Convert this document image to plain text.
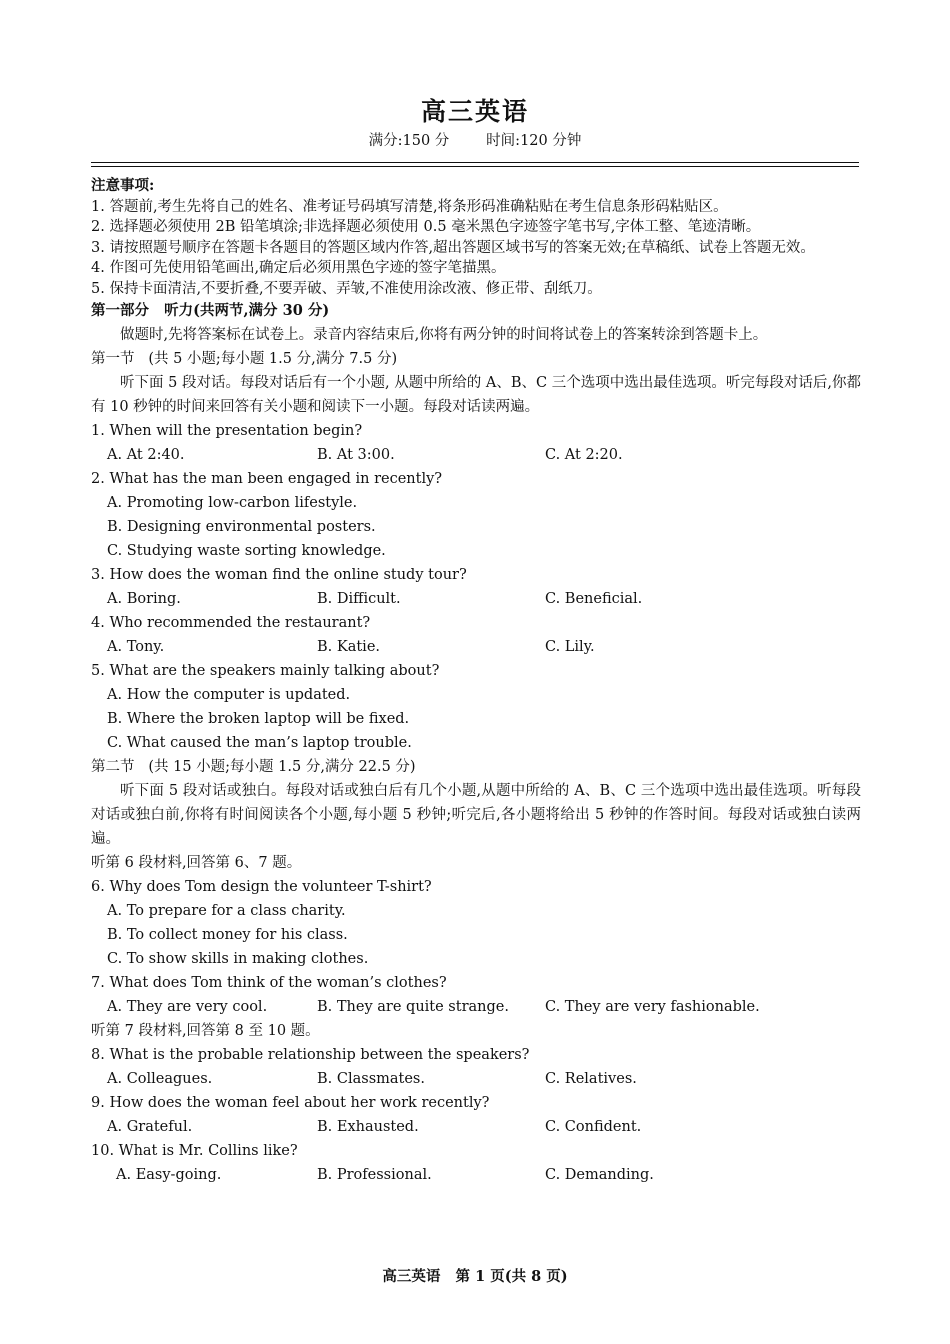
高三英语
满分:150 分        时间:120 分钟
注意事项:
1. 答题前,考生先将自己的姓名、准考证号码填写清楚,将条形码准确粘贴在考生信息条形码粘贴区。
2. 选择题必须使用 2B 铅笔填涂;非选择题必须使用 0.5 毫米黑色字迹签字笔书写,字体工整、笔迹清晰。
3. 请按照题号顺序在答题卡各题目的答题区域内作答,超出答题区域书写的答案无效;在草稿纸、试卷上答题无效。
4. 作图可先使用铅笔画出,确定后必须用黑色字迹的签字笔描黑。
5. 保持卡面清洁,不要折叠,不要弄破、弄皱,不准使用涂改液、修正带、刮纸刀。
第一部分   听力(共两节,满分 30 分)
做题时,先将答案标在试卷上。录音内容结束后,你将有两分钟的时间将试卷上的答案转涂到答题卡上。
第一节   (共 5 小题;每小题 1.5 分,满分 7.5 分)
听下面 5 段对话。每段对话后有一个小题, 从题中所给的 A、B、C 三个选项中选出最佳选项。听完每段对话后,你都有 10 秒钟的时间来回答有关小题和阅读下一小题。每段对话读两遍。
1. When will the presentation begin?
A. At 2:40.	B. At 3:00.	C. At 2:20.
2. What has the man been engaged in recently?
A. Promoting low-carbon lifestyle.
B. Designing environmental posters.
C. Studying waste sorting knowledge.
3. How does the woman find the online study tour?
A. Boring.	B. Difficult.	C. Beneficial.
4. Who recommended the restaurant?
A. Tony.	B. Katie.	C. Lily.
5. What are the speakers mainly talking about?
A. How the computer is updated.
B. Where the broken laptop will be fixed.
C. What caused the man’s laptop trouble.
第二节   (共 15 小题;每小题 1.5 分,满分 22.5 分)
听下面 5 段对话或独白。每段对话或独白后有几个小题,从题中所给的 A、B、C 三个选项中选出最佳选项。听每段对话或独白前,你将有时间阅读各个小题,每小题 5 秒钟;听完后,各小题将给出 5 秒钟的作答时间。每段对话或独白读两遍。
听第 6 段材料,回答第 6、7 题。
6. Why does Tom design the volunteer T-shirt?
A. To prepare for a class charity.
B. To collect money for his class.
C. To show skills in making clothes.
7. What does Tom think of the woman’s clothes?
A. They are very cool.	B. They are quite strange. C. They are very fashionable.
听第 7 段材料,回答第 8 至 10 题。
8. What is the probable relationship between the speakers?
A. Colleagues.	B. Classmates.	C. Relatives.
9. How does the woman feel about her work recently?
A. Grateful.	B. Exhausted.	C. Confident.
10. What is Mr. Collins like?
A. Easy-going.	B. Professional.	C. Demanding.
高三英语   第 1 页(共 8 页)
